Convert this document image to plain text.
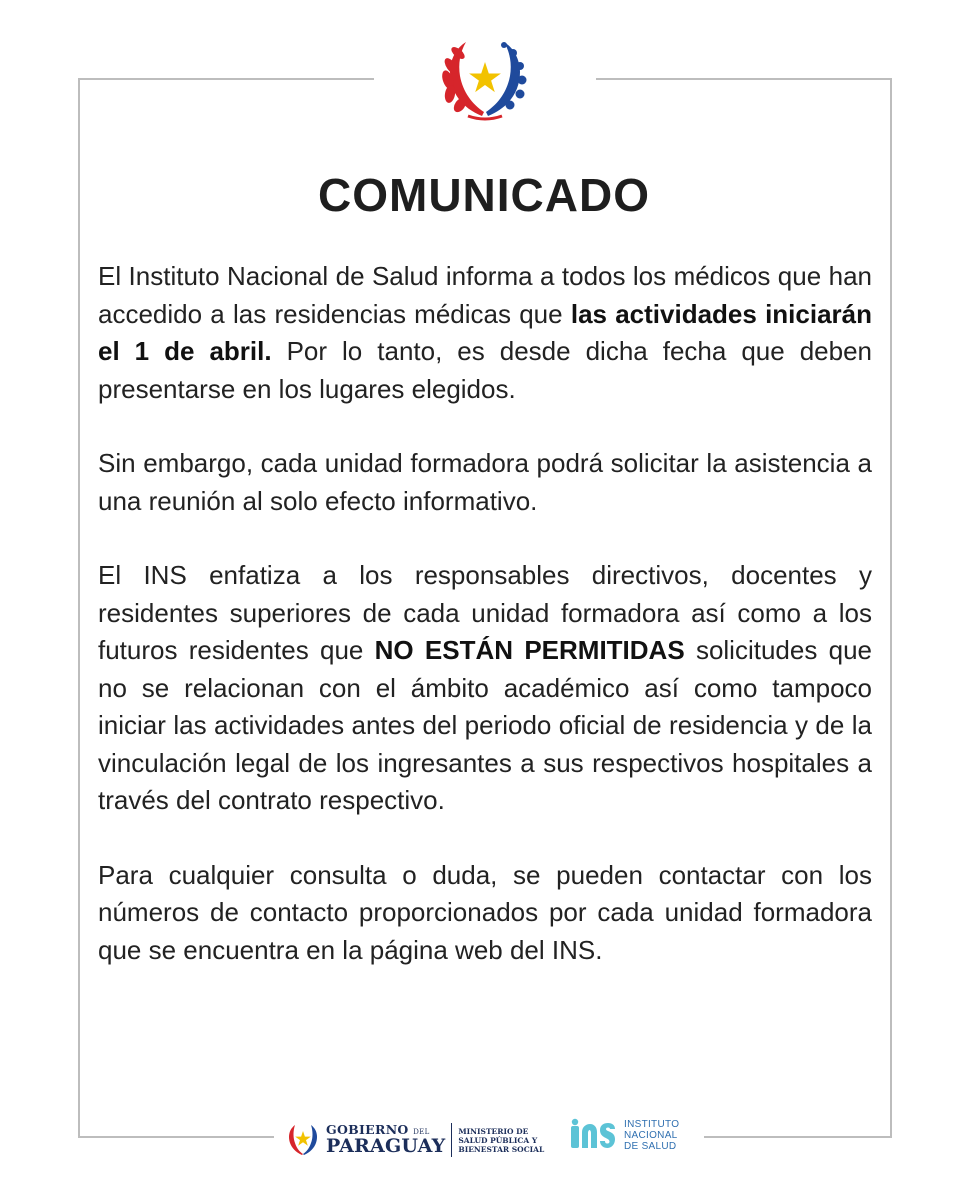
COMUNICADO

El Instituto Nacional de Salud informa a todos los médicos que han accedido a las residencias médicas que las actividades iniciarán el 1 de abril. Por lo tanto, es desde dicha fecha que deben presentarse en los lugares elegidos.

Sin embargo, cada unidad formadora podrá solicitar la asistencia a una reunión al solo efecto informativo.

El INS enfatiza a los responsables directivos, docentes y residentes superiores de cada unidad formadora así como a los futuros residentes que NO ESTÁN PERMITIDAS solicitudes que no se relacionan con el ámbito académico así como tampoco iniciar las actividades antes del periodo oficial de residencia y de la vinculación legal de los ingresantes a sus respectivos hospitales a través del contrato respectivo.

Para cualquier consulta o duda, se pueden contactar con los números de contacto proporcionados por cada unidad formadora que se encuentra en la página web del INS.

GOBIERNO DEL
PARAGUAY
MINISTERIO DE
SALUD PÚBLICA Y
BIENESTAR SOCIAL
INSTITUTO
NACIONAL
DE SALUD
